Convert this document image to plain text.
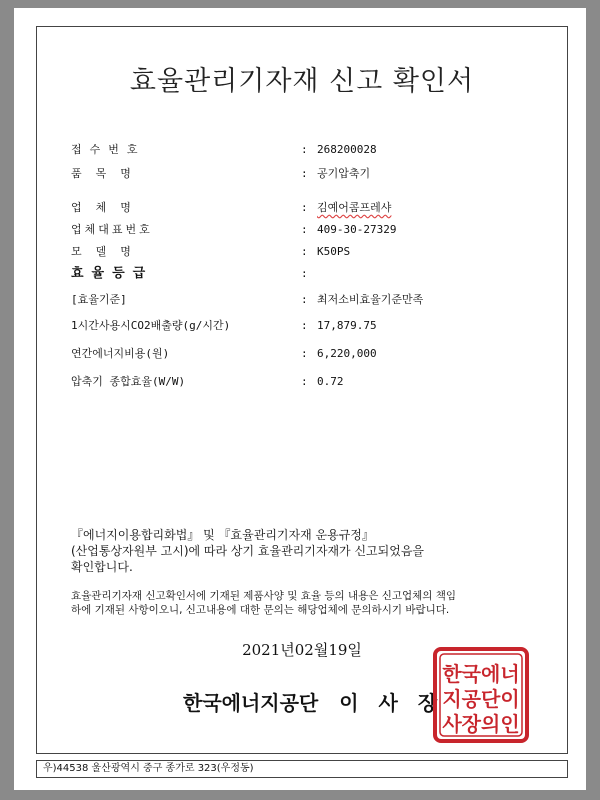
효율관리기자재 신고 확인서
접수번호	: 268200028
품목명	: 공기압축기
업체명	: 김예어콤프레샤
업체대표번호	: 409-30-27329
모델명	: K50PS
효율등급	:
[효율기준]	: 최저소비효율기준만족
1시간사용시CO2배출량(g/시간)	: 17,879.75
연간에너지비용(원)	: 6,220,000
압축기 종합효율(W/W)	: 0.72
『에너지이용합리화법』 및 『효율관리기자재 운용규정』
(산업통상자원부 고시)에 따라 상기 효율관리기자재가 신고되었음을
확인합니다.
효율관리기자재 신고확인서에 기재된 제품사양 및 효율 등의 내용은 신고업체의 책임
하에 기재된 사항이오니, 신고내용에 대한 문의는 해당업체에 문의하시기 바랍니다.
2021년02월19일
한국에너지공단 이사장
한국에너
지공단이
사장의인
우)44538 울산광역시 중구 종가로 323(우정동)
